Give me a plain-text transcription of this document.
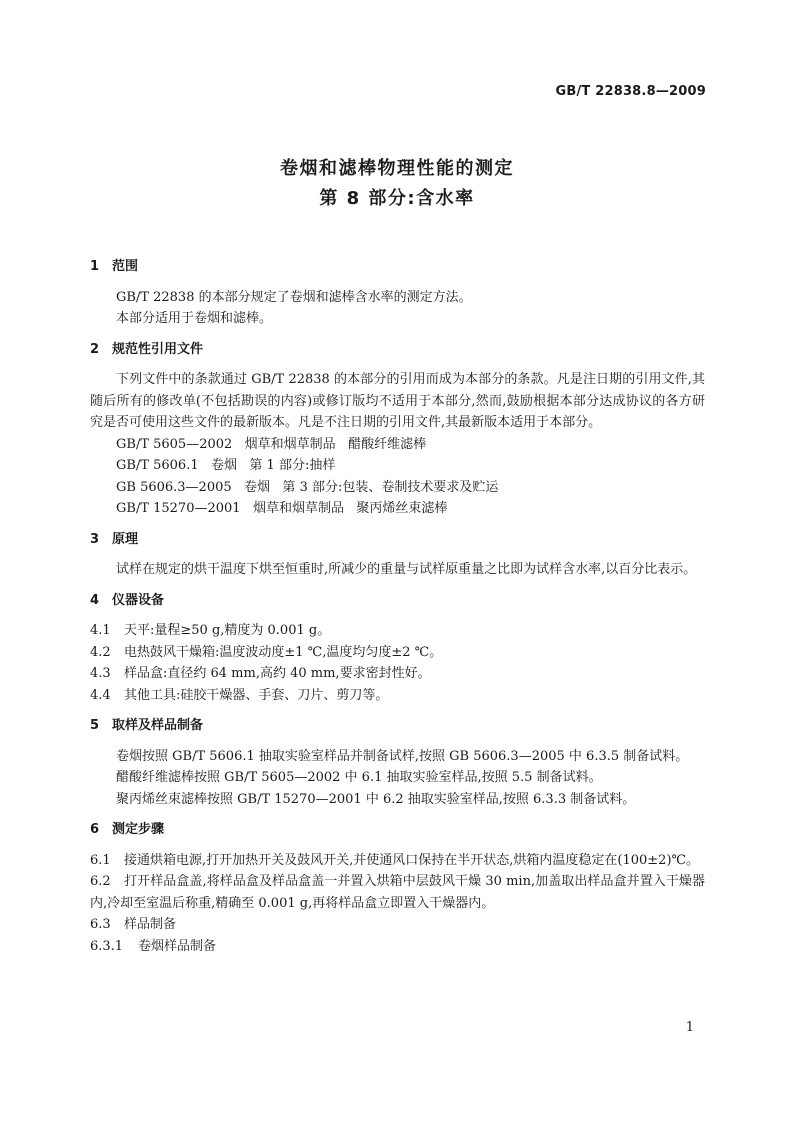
GB/T 22838.8—2009
卷烟和滤棒物理性能的测定
第 8 部分:含水率
1 范围

GB/T 22838 的本部分规定了卷烟和滤棒含水率的测定方法。

本部分适用于卷烟和滤棒。

2 规范性引用文件

下列文件中的条款通过 GB/T 22838 的本部分的引用而成为本部分的条款。凡是注日期的引用文件,其随后所有的修改单(不包括勘误的内容)或修订版均不适用于本部分,然而,鼓励根据本部分达成协议的各方研究是否可使用这些文件的最新版本。凡是不注日期的引用文件,其最新版本适用于本部分。

GB/T 5605—2002   烟草和烟草制品   醋酸纤维滤棒

GB/T 5606.1   卷烟   第 1 部分:抽样

GB 5606.3—2005   卷烟   第 3 部分:包装、卷制技术要求及贮运

GB/T 15270—2001   烟草和烟草制品   聚丙烯丝束滤棒

3 原理

试样在规定的烘干温度下烘至恒重时,所减少的重量与试样原重量之比即为试样含水率,以百分比表示。

4 仪器设备

4.1 天平:量程≥50 g,精度为 0.001 g。

4.2 电热鼓风干燥箱:温度波动度±1 ℃,温度均匀度±2 ℃。

4.3 样品盒:直径约 64 mm,高约 40 mm,要求密封性好。

4.4 其他工具:硅胶干燥器、手套、刀片、剪刀等。

5 取样及样品制备

卷烟按照 GB/T 5606.1 抽取实验室样品并制备试样,按照 GB 5606.3—2005 中 6.3.5 制备试料。

醋酸纤维滤棒按照 GB/T 5605—2002 中 6.1 抽取实验室样品,按照 5.5 制备试料。

聚丙烯丝束滤棒按照 GB/T 15270—2001 中 6.2 抽取实验室样品,按照 6.3.3 制备试料。

6 测定步骤

6.1 接通烘箱电源,打开加热开关及鼓风开关,并使通风口保持在半开状态,烘箱内温度稳定在(100±2)℃。

6.2 打开样品盒盖,将样品盒及样品盒盖一并置入烘箱中层鼓风干燥 30 min,加盖取出样品盒并置入干燥器内,冷却至室温后称重,精确至 0.001 g,再将样品盒立即置入干燥器内。

6.3 样品制备

6.3.1 卷烟样品制备

1
